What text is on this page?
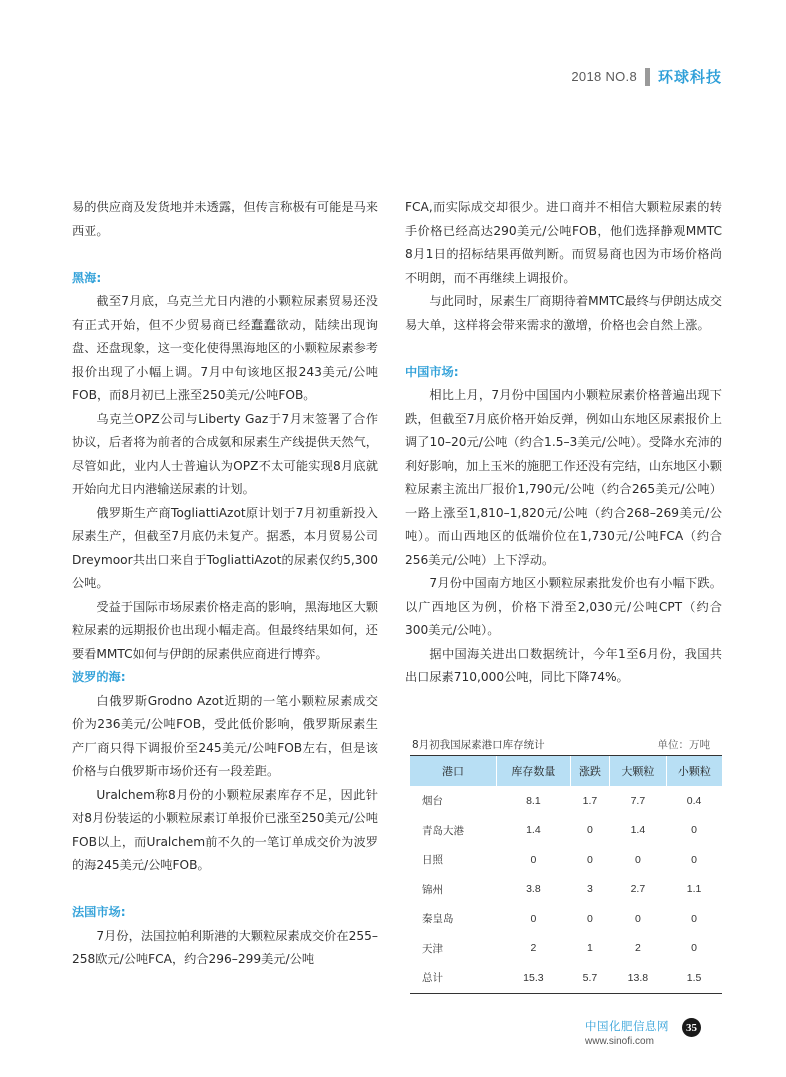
2018 NO.8 环球科技

易的供应商及发货地并未透露，但传言称极有可能是马来西亚。

黑海:

截至7月底，乌克兰尤日内港的小颗粒尿素贸易还没有正式开始，但不少贸易商已经蠢蠢欲动，陆续出现询盘、还盘现象，这一变化使得黑海地区的小颗粒尿素参考报价出现了小幅上调。7月中旬该地区报243美元/公吨FOB，而8月初已上涨至250美元/公吨FOB。

乌克兰OPZ公司与Liberty Gaz于7月末签署了合作协议，后者将为前者的合成氨和尿素生产线提供天然气，尽管如此，业内人士普遍认为OPZ不太可能实现8月底就开始向尤日内港输送尿素的计划。

俄罗斯生产商TogliattiAzot原计划于7月初重新投入尿素生产，但截至7月底仍未复产。据悉，本月贸易公司Dreymoor共出口来自于TogliattiAzot的尿素仅约5,300公吨。

受益于国际市场尿素价格走高的影响，黑海地区大颗粒尿素的远期报价也出现小幅走高。但最终结果如何，还要看MMTC如何与伊朗的尿素供应商进行博弈。

波罗的海:

白俄罗斯Grodno Azot近期的一笔小颗粒尿素成交价为236美元/公吨FOB，受此低价影响，俄罗斯尿素生产厂商只得下调报价至245美元/公吨FOB左右，但是该价格与白俄罗斯市场价还有一段差距。

Uralchem称8月份的小颗粒尿素库存不足，因此针对8月份装运的小颗粒尿素订单报价已涨至250美元/公吨FOB以上，而Uralchem前不久的一笔订单成交价为波罗的海245美元/公吨FOB。

法国市场:

7月份，法国拉帕利斯港的大颗粒尿素成交价在255–258欧元/公吨FCA，约合296–299美元/公吨

FCA,而实际成交却很少。进口商并不相信大颗粒尿素的转手价格已经高达290美元/公吨FOB，他们选择静观MMTC 8月1日的招标结果再做判断。而贸易商也因为市场价格尚不明朗，而不再继续上调报价。

与此同时，尿素生厂商期待着MMTC最终与伊朗达成交易大单，这样将会带来需求的激增，价格也会自然上涨。

中国市场:

相比上月，7月份中国国内小颗粒尿素价格普遍出现下跌，但截至7月底价格开始反弹，例如山东地区尿素报价上调了10–20元/公吨（约合1.5–3美元/公吨）。受降水充沛的利好影响，加上玉米的施肥工作还没有完结，山东地区小颗粒尿素主流出厂报价1,790元/公吨（约合265美元/公吨）一路上涨至1,810–1,820元/公吨（约合268–269美元/公吨）。而山西地区的低端价位在1,730元/公吨FCA（约合256美元/公吨）上下浮动。

7月份中国南方地区小颗粒尿素批发价也有小幅下跌。以广西地区为例，价格下滑至2,030元/公吨CPT（约合300美元/公吨）。

据中国海关进出口数据统计，今年1至6月份，我国共出口尿素710,000公吨，同比下降74%。

8月初我国尿素港口库存统计	单位：万吨
港口	库存数量	涨跌	大颗粒	小颗粒
烟台	8.1	1.7	7.7	0.4
青岛大港	1.4	0	1.4	0
日照	0	0	0	0
锦州	3.8	3	2.7	1.1
秦皇岛	0	0	0	0
天津	2	1	2	0
总计	15.3	5.7	13.8	1.5
中国化肥信息网
www.sinofi.com
35
